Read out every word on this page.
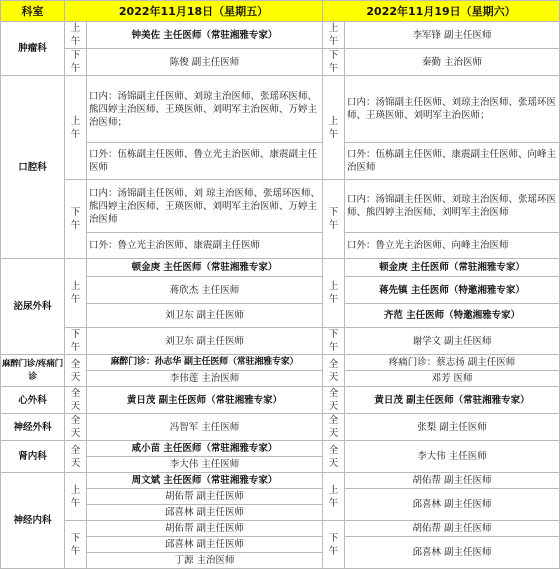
科室	2022年11月18日（星期五）		2022年11月19日（星期六）	
肿瘤科	上午	钟美佐 主任医师（常驻湘雅专家）	上午	李军锋 副主任医师
	下午	陈俊 副主任医师	下午	秦勤 主治医师
口腔科	上午	口内：汤锦副主任医师、刘琼主治医师、张瑶环医师、熊四婷主治医师、王瑛医师、刘明军主治医师、万婷主治医师；	上午	口内：汤锦副主任医师、刘琼主治医师、张瑶环医师、王瑛医师、刘明军主治医师；
		口外：伍栋副主任医师、鲁立光主治医师、康震副主任医师		口外：伍栋副主任医师、康震副主任医师、向峰主治医师
	下午	口内：汤锦副主任医师、刘 琼主治医师、张瑶环医师、熊四婷主治医师、王瑛医师、刘明军主治医师、万婷主治医师	下午	口内：汤锦副主任医师、刘琼主治医师、张瑶环医师、熊四婷主治医师、刘明军主治医师
		口外：鲁立光主治医师、康震副主任医师		口外：鲁立光主治医师、向峰主治医师
泌尿外科	上午	顿金庚 主任医师（常驻湘雅专家）	上午	顿金庚 主任医师（常驻湘雅专家）
		蒋欣杰 主任医师		蒋先镇 主任医师（特邀湘雅专家）
		刘卫东 副主任医师		齐范 主任医师（特邀湘雅专家）
	下午	刘卫东 副主任医师	下午	谢学文 副主任医师
麻醉门诊/疼痛门诊	全天	麻醉门诊：孙志华 副主任医师（常驻湘雅专家）	全天	疼痛门诊：蔡志扬 副主任医师
		李伟莲 主治医师		邓芳 医师
心外科	全天	黄日茂 副主任医师（常驻湘雅专家）	全天	黄日茂 副主任医师（常驻湘雅专家）
神经外科	全天	冯智军 主任医师	全天	张梨 副主任医师
肾内科	全天	咸小苗 主任医师（常驻湘雅专家）	全天	李大伟 主任医师
		李大伟 主任医师		
神经内科	上午	周文斌 主任医师（常驻湘雅专家）	上午	胡佑帮 副主任医师
		胡佑帮 副主任医师		邱喜林 副主任医师
		邱喜林 副主任医师		
	下午	胡佑帮 副主任医师	下午	胡佑帮 副主任医师
		邱喜林 副主任医师		邱喜林 副主任医师
		丁源 主治医师		
